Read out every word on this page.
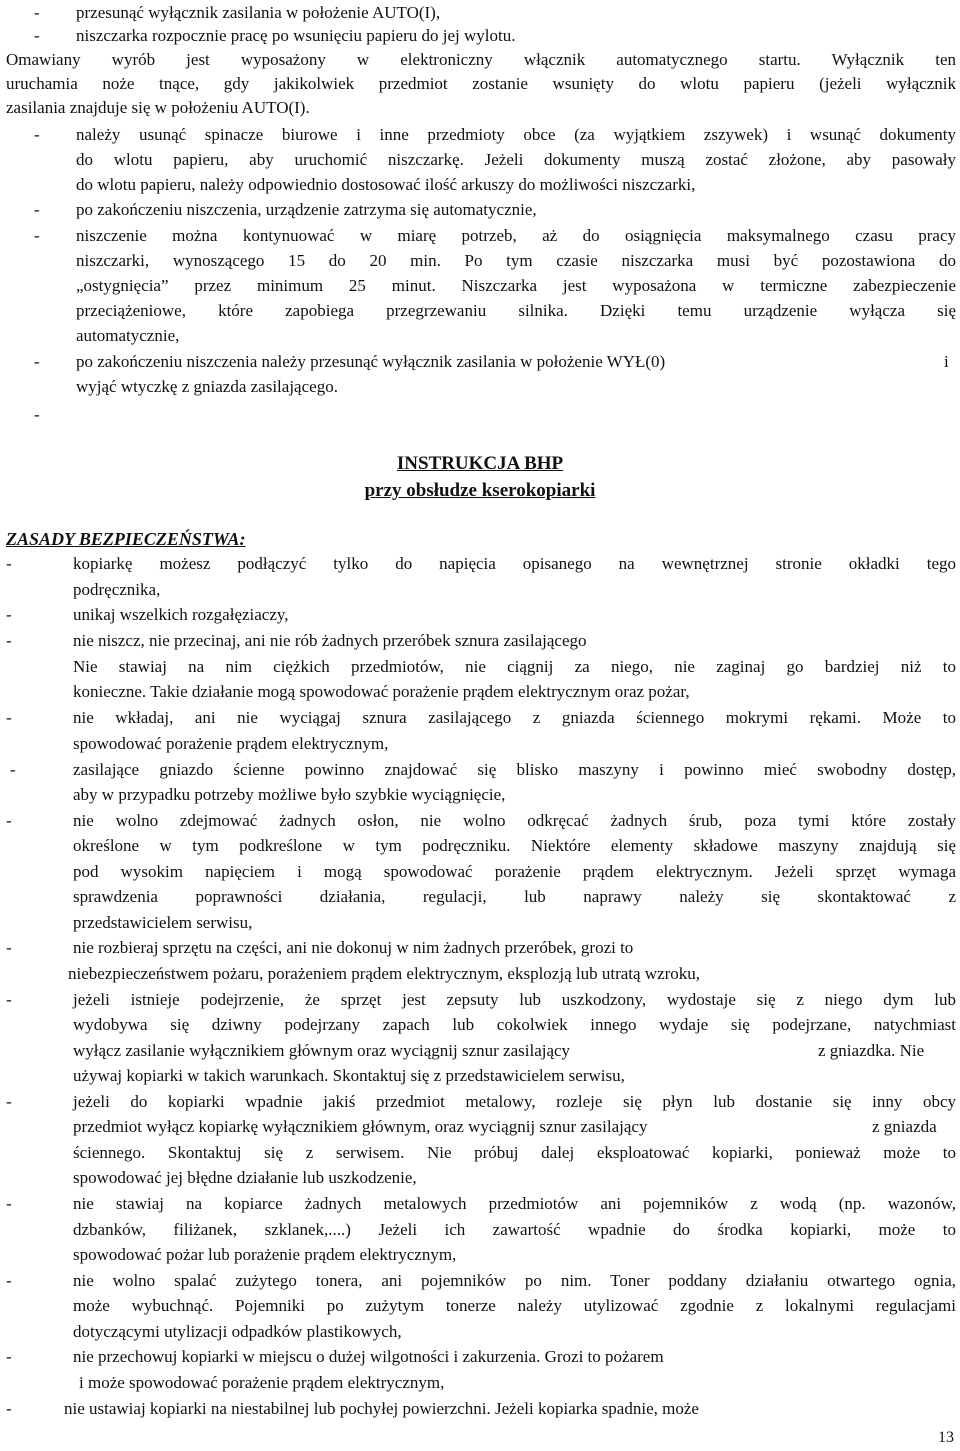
- przesunąć wyłącznik zasilania w położenie AUTO(I),
- niszczarka rozpocznie pracę po wsunięciu papieru do jej wylotu.
Omawiany wyrób jest wyposażony w elektroniczny włącznik automatycznego startu. Wyłącznik ten
uruchamia noże tnące, gdy jakikolwiek przedmiot zostanie wsunięty do wlotu papieru (jeżeli wyłącznik
zasilania znajduje się w położeniu AUTO(I).
- należy usunąć spinacze biurowe i inne przedmioty obce (za wyjątkiem zszywek) i wsunąć dokumenty
do wlotu papieru, aby uruchomić niszczarkę. Jeżeli dokumenty muszą zostać złożone, aby pasowały
do wlotu papieru, należy odpowiednio dostosować ilość arkuszy do możliwości niszczarki,
- po zakończeniu niszczenia, urządzenie zatrzyma się automatycznie,
- niszczenie można kontynuować w miarę potrzeb, aż do osiągnięcia maksymalnego czasu pracy
niszczarki, wynoszącego 15 do 20 min. Po tym czasie niszczarka musi być pozostawiona do
„ostygnięcia” przez minimum 25 minut. Niszczarka jest wyposażona w termiczne zabezpieczenie
przeciążeniowe, które zapobiega przegrzewaniu silnika. Dzięki temu urządzenie wyłącza się
automatycznie,
- po zakończeniu niszczenia należy przesunąć wyłącznik zasilania w położenie WYŁ(0)	i
wyjąć wtyczkę z gniazda zasilającego.
-
INSTRUKCJA BHP
przy obsłudze kserokopiarki
ZASADY BEZPIECZEŃSTWA:
-	kopiarkę możesz podłączyć tylko do napięcia opisanego na wewnętrznej stronie okładki tego
podręcznika,
-	unikaj wszelkich rozgałęziaczy,
-	nie niszcz, nie przecinaj, ani nie rób żadnych przeróbek sznura zasilającego
Nie stawiaj na nim ciężkich przedmiotów, nie ciągnij za niego, nie zaginaj go bardziej niż to
konieczne. Takie działanie mogą spowodować porażenie prądem elektrycznym oraz pożar,
-	nie wkładaj, ani nie wyciągaj sznura zasilającego z gniazda ściennego mokrymi rękami. Może to
spowodować porażenie prądem elektrycznym,
-	zasilające gniazdo ścienne powinno znajdować się blisko maszyny i powinno mieć swobodny dostęp,
aby w przypadku potrzeby możliwe było szybkie wyciągnięcie,
-	nie wolno zdejmować żadnych osłon, nie wolno odkręcać żadnych śrub, poza tymi które zostały
określone w tym podkreślone w tym podręczniku. Niektóre elementy składowe maszyny znajdują się
pod wysokim napięciem i mogą spowodować porażenie prądem elektrycznym. Jeżeli sprzęt wymaga
sprawdzenia poprawności działania, regulacji, lub naprawy należy się skontaktować z
przedstawicielem serwisu,
-	nie rozbieraj sprzętu na części, ani nie dokonuj w nim żadnych przeróbek, grozi to
niebezpieczeństwem pożaru, porażeniem prądem elektrycznym, eksplozją lub utratą wzroku,
-	jeżeli istnieje podejrzenie, że sprzęt jest zepsuty lub uszkodzony, wydostaje się z niego dym lub
wydobywa się dziwny podejrzany zapach lub cokolwiek innego wydaje się podejrzane, natychmiast
wyłącz zasilanie wyłącznikiem głównym oraz wyciągnij sznur zasilający	z gniazdka. Nie
używaj kopiarki w takich warunkach. Skontaktuj się z przedstawicielem serwisu,
-	jeżeli do kopiarki wpadnie jakiś przedmiot metalowy, rozleje się płyn lub dostanie się inny obcy
przedmiot wyłącz kopiarkę wyłącznikiem głównym, oraz wyciągnij sznur zasilający	z gniazda
ściennego. Skontaktuj się z serwisem. Nie próbuj dalej eksploatować kopiarki, ponieważ może to
spowodować jej błędne działanie lub uszkodzenie,
-	nie stawiaj na kopiarce żadnych metalowych przedmiotów ani pojemników z wodą (np. wazonów,
dzbanków, filiżanek, szklanek,....) Jeżeli ich zawartość wpadnie do środka kopiarki, może to
spowodować pożar lub porażenie prądem elektrycznym,
-	nie wolno spalać zużytego tonera, ani pojemników po nim. Toner poddany działaniu otwartego ognia,
może wybuchnąć. Pojemniki po zużytym tonerze należy utylizować zgodnie z lokalnymi regulacjami
dotyczącymi utylizacji odpadków plastikowych,
-	nie przechowuj kopiarki w miejscu o dużej wilgotności i zakurzenia. Grozi to pożarem
i może spowodować porażenie prądem elektrycznym,
-	nie ustawiaj kopiarki na niestabilnej lub pochyłej powierzchni. Jeżeli kopiarka spadnie, może
13
